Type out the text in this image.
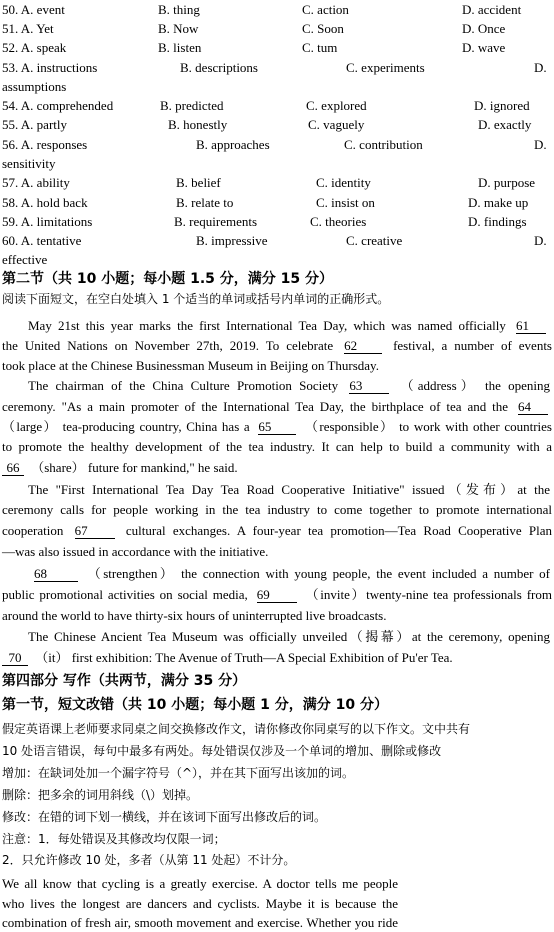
50. A. event	B. thing	C. action	D. accident
51. A. Yet	B. Now	C. Soon	D. Once
52. A. speak	B. listen	C. tum	D. wave
53. A. instructions	B. descriptions	C. experiments	D.
assumptions
54. A. comprehended	B. predicted	C. explored	D. ignored
55. A. partly	B. honestly	C. vaguely	D. exactly
56. A. responses	B. approaches	C. contribution	D.
sensitivity
57. A. ability	B. belief	C. identity	D. purpose
58. A. hold back	B. relate to	C. insist on	D. make up
59. A. limitations	B. requirements	C. theories	D. findings
60. A. tentative	B. impressive	C. creative	D.
effective
第二节（共 10 小题；每小题 1.5 分，满分 15 分）
阅读下面短文，在空白处填入 1 个适当的单词或括号内单词的正确形式。
May 21st this year marks the first International Tea Day, which was named officially 61
the United Nations on November 27th, 2019. To celebrate 62	festival, a number of events
took place at the Chinese Businessman Museum in Beijing on Thursday.
The chairman of the China Culture Promotion Society 63	（address） the opening
ceremony. "As a main promoter of the International Tea Day, the birthplace of tea and the 64
（large） tea-producing country, China has a 65	（responsible） to work with other countries
to promote the healthy development of the tea industry. It can help to build a community with a
66 （share） future for mankind," he said.
The "First International Tea Day Tea Road Cooperative Initiative" issued（发布）at the
ceremony calls for people working in the tea industry to come together to promote international
cooperation 67	cultural exchanges. A four-year tea promotion—Tea Road Cooperative Plan
—was also issued in accordance with the initiative.
68	（strengthen） the connection with young people, the event included a number of
public promotional activities on social media, 69	（invite）twenty-nine tea professionals from
around the world to have thirty-six hours of uninterrupted live broadcasts.
The Chinese Ancient Tea Museum was officially unveiled（揭幕）at the ceremony, opening
70 （it） first exhibition: The Avenue of Truth—A Special Exhibition of Pu'er Tea.
第四部分 写作（共两节，满分 35 分）
第一节，短文改错（共 10 小题；每小题 1 分，满分 10 分）
假定英语课上老师要求同桌之间交换修改作文，请你修改你同桌写的以下作文。文中共有
10 处语言错误，每句中最多有两处。每处错误仅涉及一个单词的增加、删除或修改
增加：在缺词处加一个漏字符号（^），并在其下面写出该加的词。
删除：把多余的词用斜线（\）划掉。
修改：在错的词下划一横线，并在该词下面写出修改后的词。
注意：1．每处错误及其修改均仅限一词；
2．只允许修改 10 处，多者（从第 11 处起）不计分。
We all know that cycling is a greatly exercise. A doctor tells me people
who lives the longest are dancers and cyclists. Maybe it is because the
combination of fresh air, smooth movement and exercise. Whether you ride
